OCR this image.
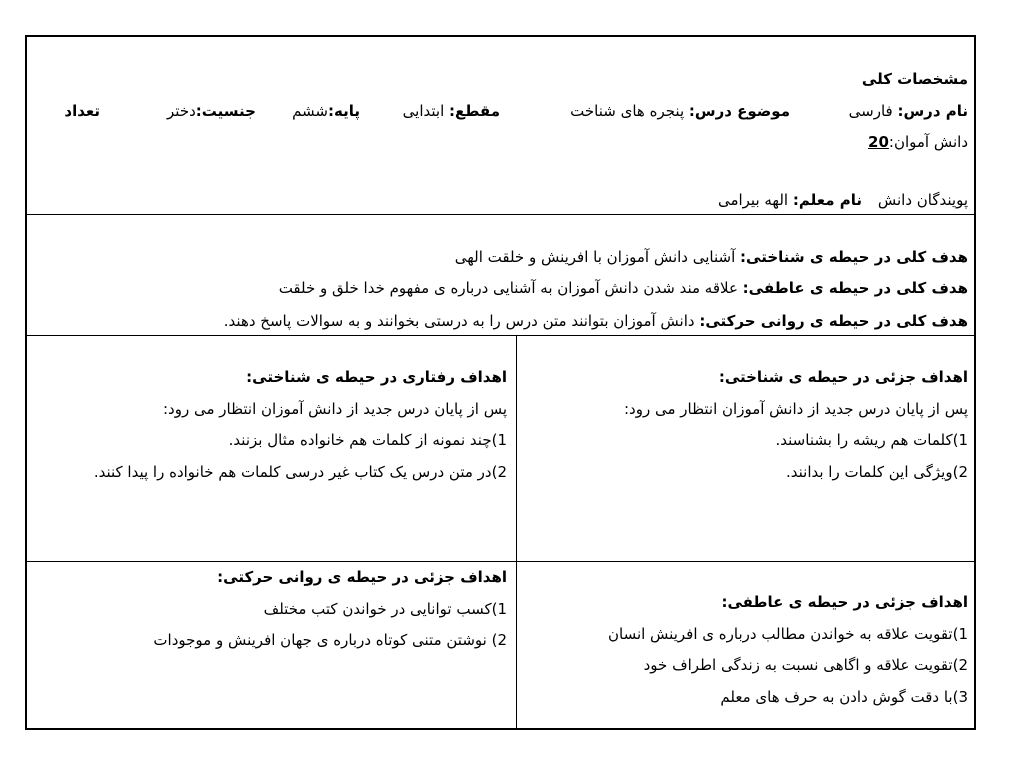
مشخصات کلی
نام درس: فارسی
موضوع درس: پنجره های شناخت
مقطع: ابتدایی
پایه:ششم
جنسیت:دختر
تعداد
دانش آموان:20
پویندگان دانش
نام معلم: الهه بیرامی
هدف کلی در حیطه ی شناختی: آشنایی دانش آموزان با افرینش و خلقت الهی
هدف کلی در حیطه ی عاطفی: علاقه مند شدن دانش آموزان به آشنایی درباره ی مفهوم خدا خلق و خلقت
هدف کلی در حیطه ی روانی حرکتی: دانش آموزان بتوانند متن درس را به درستی بخوانند و به سوالات پاسخ دهند.
اهداف جزئی در حیطه ی شناختی:
پس از پایان درس جدید از دانش آموزان انتظار می رود:
1)کلمات هم ریشه را بشناسند.
2)ویژگی این کلمات را بدانند.
اهداف رفتاری در حیطه ی شناختی:
پس از پایان درس جدید از دانش آموزان انتظار می رود:
1)چند نمونه از کلمات هم خانواده مثال بزنند.
2)در متن درس یک کتاب غیر درسی کلمات هم خانواده را پیدا کنند.
اهداف جزئی در حیطه ی عاطفی:
1)تقویت علاقه به خواندن مطالب درباره ی افرینش انسان
2)تقویت علاقه و اگاهی نسبت به زندگی اطراف خود
3)با دقت گوش دادن به حرف های معلم
اهداف جزئی در حیطه ی روانی حرکتی:
1)کسب توانایی در خواندن کتب مختلف
2) نوشتن متنی کوتاه درباره ی جهان افرینش و موجودات
